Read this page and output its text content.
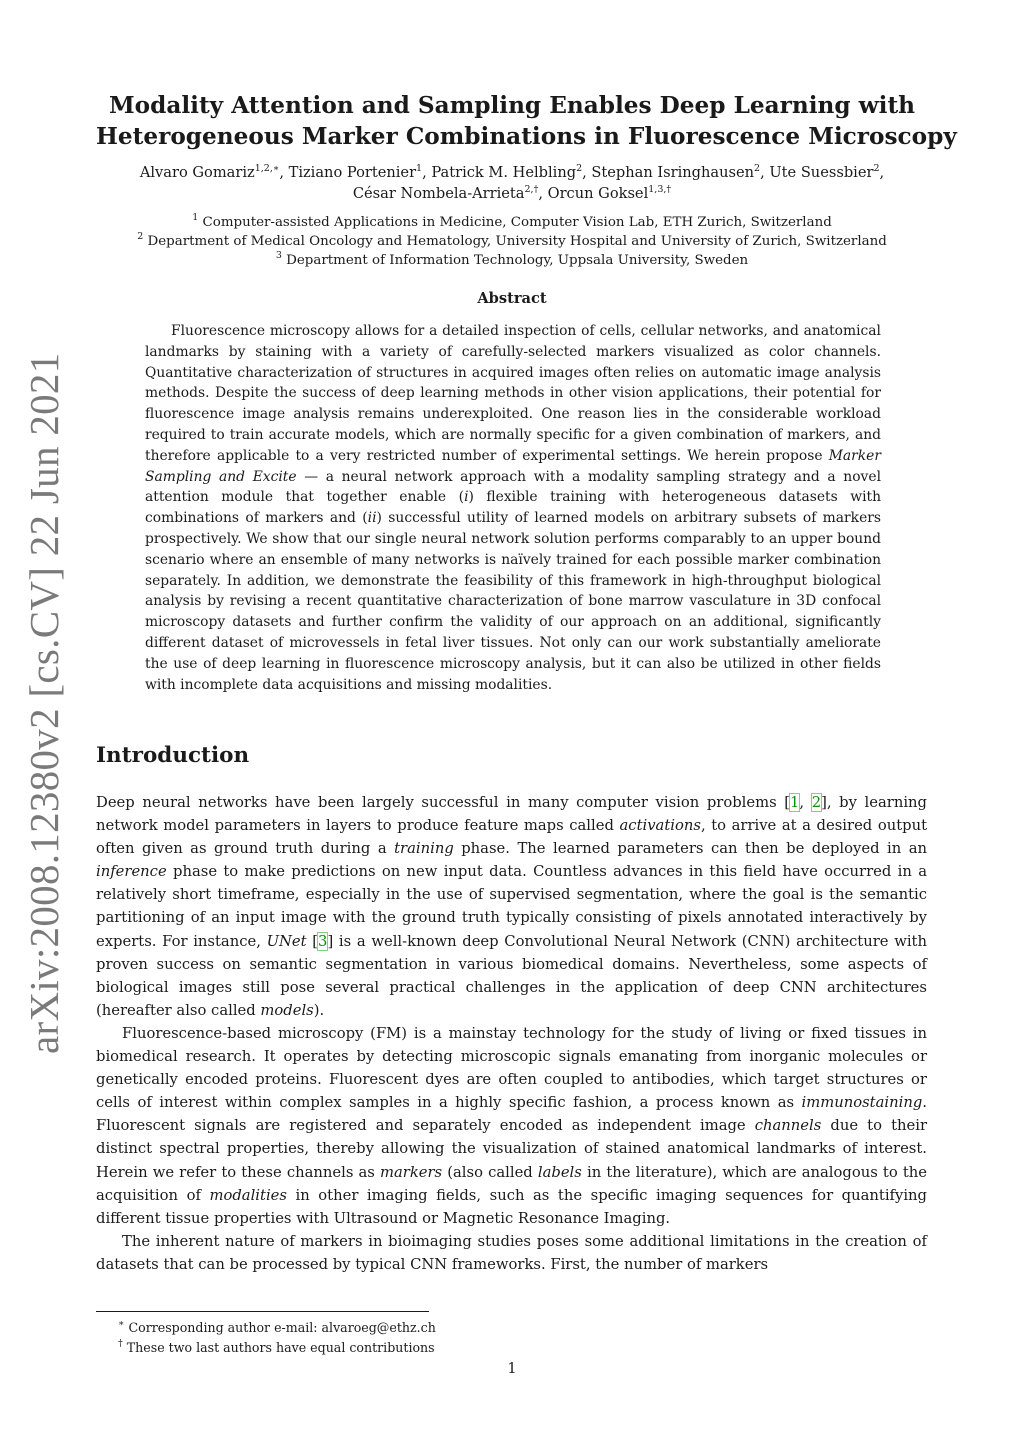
arXiv:2008.12380v2 [cs.CV] 22 Jun 2021
Modality Attention and Sampling Enables Deep Learning with
Heterogeneous Marker Combinations in Fluorescence Microscopy
Alvaro Gomariz$^{1,2,∗}$, Tiziano Portenier$^1$, Patrick M. Helbling$^2$, Stephan Isringhausen$^2$, Ute Suessbier$^2$,
César Nombela-Arrieta$^{2,\dagger}$, Orcun Goksel$^{1,3,\dagger}$
$^1$ Computer-assisted Applications in Medicine, Computer Vision Lab, ETH Zurich, Switzerland
$^2$ Department of Medical Oncology and Hematology, University Hospital and University of Zurich, Switzerland
$^3$ Department of Information Technology, Uppsala University, Sweden
Abstract

Fluorescence microscopy allows for a detailed inspection of cells, cellular networks, and anatomical landmarks by staining with a variety of carefully-selected markers visualized as color channels. Quantitative characterization of structures in acquired images often relies on automatic image analysis methods. Despite the success of deep learning methods in other vision applications, their potential for fluorescence image analysis remains underexploited. One reason lies in the considerable workload required to train accurate models, which are normally specific for a given combination of markers, and therefore applicable to a very restricted number of experimental settings. We herein propose Marker Sampling and Excite — a neural network approach with a modality sampling strategy and a novel attention module that together enable (i) flexible training with heterogeneous datasets with combinations of markers and (ii) successful utility of learned models on arbitrary subsets of markers prospectively. We show that our single neural network solution performs comparably to an upper bound scenario where an ensemble of many networks is naïvely trained for each possible marker combination separately. In addition, we demonstrate the feasibility of this framework in high-throughput biological analysis by revising a recent quantitative characterization of bone marrow vasculature in 3D confocal microscopy datasets and further confirm the validity of our approach on an additional, significantly different dataset of microvessels in fetal liver tissues. Not only can our work substantially ameliorate the use of deep learning in fluorescence microscopy analysis, but it can also be utilized in other fields with incomplete data acquisitions and missing modalities.

Introduction

Deep neural networks have been largely successful in many computer vision problems [1, 2], by learning network model parameters in layers to produce feature maps called activations, to arrive at a desired output often given as ground truth during a training phase. The learned parameters can then be deployed in an inference phase to make predictions on new input data. Countless advances in this field have occurred in a relatively short timeframe, especially in the use of supervised segmentation, where the goal is the semantic partitioning of an input image with the ground truth typically consisting of pixels annotated interactively by experts. For instance, UNet [3] is a well-known deep Convolutional Neural Network (CNN) architecture with proven success on semantic segmentation in various biomedical domains. Nevertheless, some aspects of biological images still pose several practical challenges in the application of deep CNN architectures (hereafter also called models).

Fluorescence-based microscopy (FM) is a mainstay technology for the study of living or fixed tissues in biomedical research. It operates by detecting microscopic signals emanating from inorganic molecules or genetically encoded proteins. Fluorescent dyes are often coupled to antibodies, which target structures or cells of interest within complex samples in a highly specific fashion, a process known as immunostaining. Fluorescent signals are registered and separately encoded as independent image channels due to their distinct spectral properties, thereby allowing the visualization of stained anatomical landmarks of interest. Herein we refer to these channels as markers (also called labels in the literature), which are analogous to the acquisition of modalities in other imaging fields, such as the specific imaging sequences for quantifying different tissue properties with Ultrasound or Magnetic Resonance Imaging.

The inherent nature of markers in bioimaging studies poses some additional limitations in the creation of datasets that can be processed by typical CNN frameworks. First, the number of markers

∗ Corresponding author e-mail: alvaroeg@ethz.ch
† These two last authors have equal contributions
1
